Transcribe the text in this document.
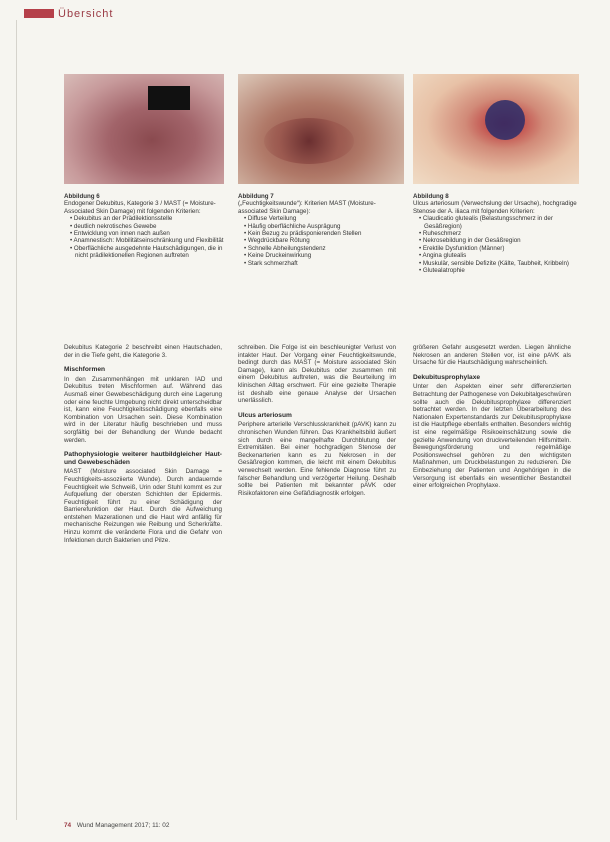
Übersicht
Abbildung 6
Endogener Dekubitus, Kategorie 3 / MAST (= Moisture-Associated Skin Damage) mit folgenden Kriterien:
• Dekubitus an der Prädilektionsstelle
• deutlich nekrotisches Gewebe
• Entwicklung von innen nach außen
• Anamnestisch: Mobilitätseinschränkung und Flexibilität
• Oberflächliche ausgedehnte Hautschädigungen, die in nicht prädilektionellen Regionen auftreten
Abbildung 7
(„Feuchtigkeitswunde“): Kriterien MAST (Moisture-associated Skin Damage):
• Diffuse Verteilung
• Häufig oberflächliche Ausprägung
• Kein Bezug zu prädisponierenden Stellen
• Wegdrückbare Rötung
• Schnelle Abheilungstendenz
• Keine Druckeinwirkung
• Stark schmerzhaft
Abbildung 8
Ulcus arteriosum (Verwechslung der Ursache), hochgradige Stenose der A. iliaca mit folgenden Kriterien:
• Claudicatio glutealis (Belastungsschmerz in der Gesäßregion)
• Ruheschmerz
• Nekrosebildung in der Gesäßregion
• Erektile Dysfunktion (Männer)
• Angina glutealis
• Muskulär, sensible Defizite (Kälte, Taubheit, Kribbeln)
• Glutealatrophie

Dekubitus Kategorie 2 beschreibt einen Hautschaden, der in die Tiefe geht, die Kategorie 3.

Mischformen

In den Zusammenhängen mit unklaren IAD und Dekubitus treten Mischformen auf. Während das Ausmaß einer Gewebeschädigung durch eine Lagerung oder eine feuchte Umgebung nicht direkt unterscheidbar ist, kann eine Feuchtigkeitsschädigung ebenfalls eine Kombination von Ursachen sein. Diese Kombination wird in der Literatur häufig beschrieben und muss sorgfältig bei der Behandlung der Wunde bedacht werden.

Pathophysiologie weiterer hautbildgleicher Haut- und Gewebeschäden

MAST (Moisture associated Skin Damage = Feuchtigkeits-assoziierte Wunde). Durch andauernde Feuchtigkeit wie Schweiß, Urin oder Stuhl kommt es zur Aufquellung der obersten Schichten der Epidermis. Feuchtigkeit führt zu einer Schädigung der Barrierefunktion der Haut. Durch die Aufweichung entstehen Mazerationen und die Haut wird anfällig für mechanische Reizungen wie Reibung und Scherkräfte. Hinzu kommt die veränderte Flora und die Gefahr von Infektionen durch Bakterien und Pilze.

schreiben. Die Folge ist ein beschleunigter Verlust von intakter Haut. Der Vorgang einer Feuchtigkeitswunde, bedingt durch das MAST (= Moisture associated Skin Damage), kann als Dekubitus oder zusammen mit einem Dekubitus auftreten, was die Beurteilung im klinischen Alltag erschwert. Für eine gezielte Therapie ist deshalb eine genaue Analyse der Ursachen unerlässlich.

Ulcus arteriosum

Periphere arterielle Verschlusskrankheit (pAVK) kann zu chronischen Wunden führen. Das Krankheitsbild äußert sich durch eine mangelhafte Durchblutung der Extremitäten. Bei einer hochgradigen Stenose der Beckenarterien kann es zu Nekrosen in der Gesäßregion kommen, die leicht mit einem Dekubitus verwechselt werden. Eine fehlende Diagnose führt zu falscher Behandlung und verzögerter Heilung. Deshalb sollte bei Patienten mit bekannter pAVK oder Risikofaktoren eine Gefäßdiagnostik erfolgen.

größeren Gefahr ausgesetzt werden. Liegen ähnliche Nekrosen an anderen Stellen vor, ist eine pAVK als Ursache für die Hautschädigung wahrscheinlich.

Dekubitusprophylaxe

Unter den Aspekten einer sehr differenzierten Betrachtung der Pathogenese von Dekubitalgeschwüren sollte auch die Dekubitusprophylaxe differenziert betrachtet werden. In der letzten Überarbeitung des Nationalen Expertenstandards zur Dekubitusprophylaxe ist die Hautpflege ebenfalls enthalten. Besonders wichtig ist eine regelmäßige Risikoeinschätzung sowie die gezielte Anwendung von druckverteilenden Hilfsmitteln. Bewegungsförderung und regelmäßige Positionswechsel gehören zu den wichtigsten Maßnahmen, um Druckbelastungen zu reduzieren. Die Einbeziehung der Patienten und Angehörigen in die Versorgung ist ebenfalls ein wesentlicher Bestandteil einer erfolgreichen Prophylaxe.

74 Wund Management 2017; 11: 02
